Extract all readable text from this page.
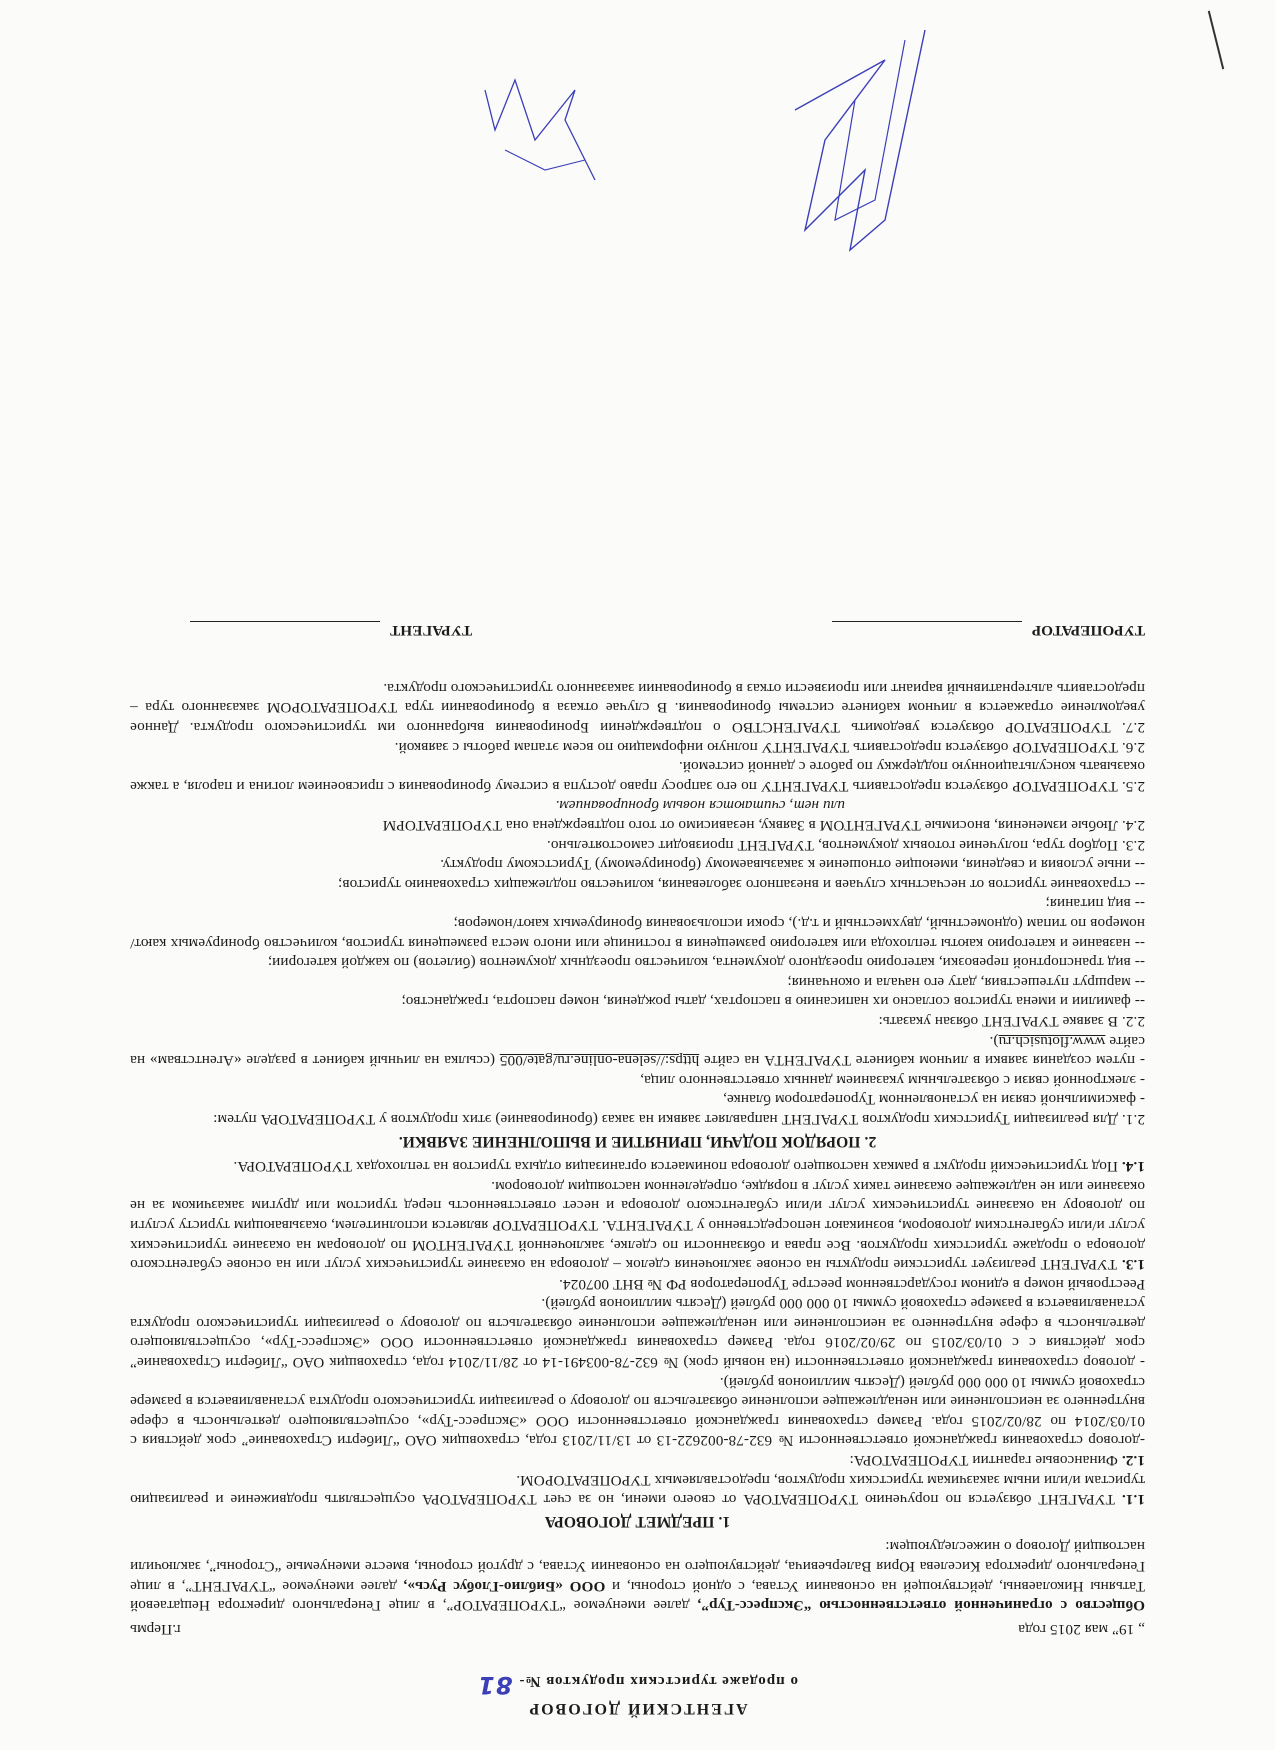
АГЕНТСКИЙ ДОГОВОР
о продаже туристских продуктов №-81
„ 19” мая 2015 года
г.Пермь

Общество с ограниченной ответственностью “Экспресс-Тур”, далее именуемое “ТУРОПЕРАТОР”, в лице Генерального директора Нещатаевой Татьяны Николаевны, действующей на основании Устава, с одной стороны, и ООО «Библио-Глобус Русь», далее именуемое “ТУРАГЕНТ”, в лице Генерального директора Киселева Юрия Валерьевича, действующего на основании Устава, с другой стороны, вместе именуемые “Стороны”, заключили настоящий Договор о нижеследующем:

1. ПРЕДМЕТ ДОГОВОРА

1.1. ТУРАГЕНТ обязуется по поручению ТУРОПЕРАТОРА от своего имени, но за счет ТУРОПЕРАТОРА осуществлять продвижение и реализацию туристам и/или иным заказчикам туристских продуктов, предоставляемых ТУРОПЕРАТОРОМ.

1.2. Финансовые гарантии ТУРОПЕРАТОРА:

-договор страхования гражданской ответственности № 632-78-002622-13 от 13/11/2013 года, страховщик ОАО “Либерти Страхование” срок действия с 01/03/2014 по 28/02/2015 года. Размер страхования гражданской ответственности ООО «Экспресс-Тур», осуществляющего деятельность в сфере внутреннего за неисполнение или ненадлежащее исполнение обязательств по договору о реализации туристического продукта устанавливается в размере страховой суммы 10 000 000 рублей (Десять миллионов рублей).

- договор страхования гражданской ответственности (на новый срок) № 632-78-003491-14 от 28/11/2014 года, страховщик ОАО “Либерти Страхование” срок действия с с 01/03/2015 по 29/02/2016 года. Размер страхования гражданской ответственности ООО «Экспресс-Тур», осуществляющего деятельность в сфере внутреннего за неисполнение или ненадлежащее исполнение обязательств по договору о реализации туристического продукта устанавливается в размере страховой суммы 10 000 000 рублей (Десять миллионов рублей).

Реестровый номер в едином государственном реестре Туроператоров РФ № ВНТ 007024.

1.3. ТУРАГЕНТ реализует туристские продукты на основе заключения сделок – договора на оказание туристических услуг или на основе субагентского договора о продаже туристских продуктов. Все права и обязанности по сделке, заключенной ТУРАГЕНТОМ по договорам на оказание туристических услуг и/или субагентским договором, возникают непосредственно у ТУРАГЕНТА. ТУРОПЕРАТОР является исполнителем, оказывающим туристу услуги по договору на оказание туристических услуг и/или субагентского договора и несет ответственность перед туристом или другим заказчиком за не оказание или не надлежащее оказание таких услуг в порядке, определенном настоящим договором.

1.4. Под туристический продукт в рамках настоящего договора понимается организация отдыха туристов на теплоходах ТУРОПЕРАТОРА.

2. ПОРЯДОК ПОДАЧИ, ПРИНЯТИЕ И ВЫПОЛНЕНИЕ ЗАЯВКИ.

2.1. Для реализации Туристских продуктов ТУРАГЕНТ направляет заявки на заказ (бронирование) этих продуктов у ТУРОПЕРАТОРА путем:

- факсимильной связи на установленном Туроператором бланке,

- электронной связи с обязательным указанием данных ответственного лица,

- путем создания заявки в личном кабинете ТУРАГЕНТА на сайте https://selena-online.ru/gate/005 (ссылка на личный кабинет в разделе «Агентствам» на сайте www.flotusich.ru).

2.2. В заявке ТУРАГЕНТ обязан указать:

-- фамилии и имена туристов согласно их написанию в паспортах, даты рождения, номер паспорта, гражданство;

-- маршрут путешествия, дату его начала и окончания;

-- вид транспортной перевозки, категорию проездного документа, количество проездных документов (билетов) по каждой категории;

-- название и категорию каюты теплохода или категорию размещения в гостинице или иного места размещения туристов, количество бронируемых кают/номеров по типам (одноместный, двухместный и т.д.), сроки использования бронируемых кают/номеров;

-- вид питания;

-- страхование туристов от несчастных случаев и внезапного заболевания, количество подлежащих страхованию туристов;

-- иные условия и сведения, имеющие отношение к заказываемому (бронируемому) Туристскому продукту.

2.3. Подбор тура, получение готовых документов, ТУРАГЕНТ производит самостоятельно.

2.4. Любые изменения, вносимые ТУРАГЕНТОМ в Заявку, независимо от того подтверждена она ТУРОПЕРАТОРМ

или нет, считаются новым бронированием.

2.5. ТУРОПЕРАТОР обязуется предоставить ТУРАГЕНТУ по его запросу право доступа в систему бронирования с присвоением логина и пароля, а также оказывать консультационную поддержку по работе с данной системой.

2.6. ТУРОПЕРАТОР обязуется предоставить ТУРАГЕНТУ полную информацию по всем этапам работы с заявкой.

2.7. ТУРОПЕРАТОР обязуется уведомить ТУРАГЕНСТВО о подтверждении Бронирования выбранного им туристического продукта. Данное уведомление отражается в личном кабинете системы бронирования. В случае отказа в бронировании тура ТУРОПЕРАТОРОМ заказанного тура – предоставить альтернативный вариант или произвести отказ в бронировании заказанного туристического продукта.

ТУРОПЕРАТОР
ТУРАГЕНТ
